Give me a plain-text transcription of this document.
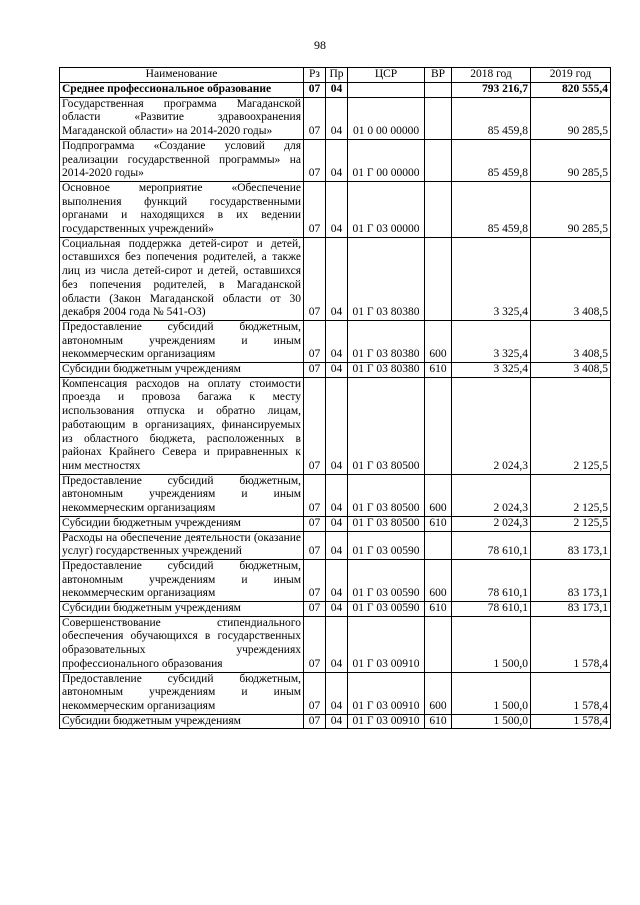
98
Наименование	Рз	Пр	ЦСР	ВР	2018 год	2019 год
Среднее профессиональное образование	07	04			793 216,7	820 555,4
Государственная программа Магаданской области «Развитие здравоохранения Магаданской области» на 2014-2020 годы»	07	04	01 0 00 00000		85 459,8	90 285,5
Подпрограмма «Создание условий для реализации государственной программы» на 2014-2020 годы»	07	04	01 Г 00 00000		85 459,8	90 285,5
Основное мероприятие «Обеспечение выполнения функций государственными органами и находящихся в их ведении государственных учреждений»	07	04	01 Г 03 00000		85 459,8	90 285,5
Социальная поддержка детей-сирот и детей, оставшихся без попечения родителей, а также лиц из числа детей-сирот и детей, оставшихся без попечения родителей, в Магаданской области (Закон Магаданской области от 30 декабря 2004 года № 541-ОЗ)	07	04	01 Г 03 80380		3 325,4	3 408,5
Предоставление субсидий бюджетным, автономным учреждениям и иным некоммерческим организациям	07	04	01 Г 03 80380	600	3 325,4	3 408,5
Субсидии бюджетным учреждениям	07	04	01 Г 03 80380	610	3 325,4	3 408,5
Компенсация расходов на оплату стоимости проезда и провоза багажа к месту использования отпуска и обратно лицам, работающим в организациях, финансируемых из областного бюджета, расположенных в районах Крайнего Севера и приравненных к ним местностях	07	04	01 Г 03 80500		2 024,3	2 125,5
Предоставление субсидий бюджетным, автономным учреждениям и иным некоммерческим организациям	07	04	01 Г 03 80500	600	2 024,3	2 125,5
Субсидии бюджетным учреждениям	07	04	01 Г 03 80500	610	2 024,3	2 125,5
Расходы на обеспечение деятельности (оказание услуг) государственных учреждений	07	04	01 Г 03 00590		78 610,1	83 173,1
Предоставление субсидий бюджетным, автономным учреждениям и иным некоммерческим организациям	07	04	01 Г 03 00590	600	78 610,1	83 173,1
Субсидии бюджетным учреждениям	07	04	01 Г 03 00590	610	78 610,1	83 173,1
Совершенствование стипендиального обеспечения обучающихся в государственных образовательных учреждениях профессионального образования	07	04	01 Г 03 00910		1 500,0	1 578,4
Предоставление субсидий бюджетным, автономным учреждениям и иным некоммерческим организациям	07	04	01 Г 03 00910	600	1 500,0	1 578,4
Субсидии бюджетным учреждениям	07	04	01 Г 03 00910	610	1 500,0	1 578,4
